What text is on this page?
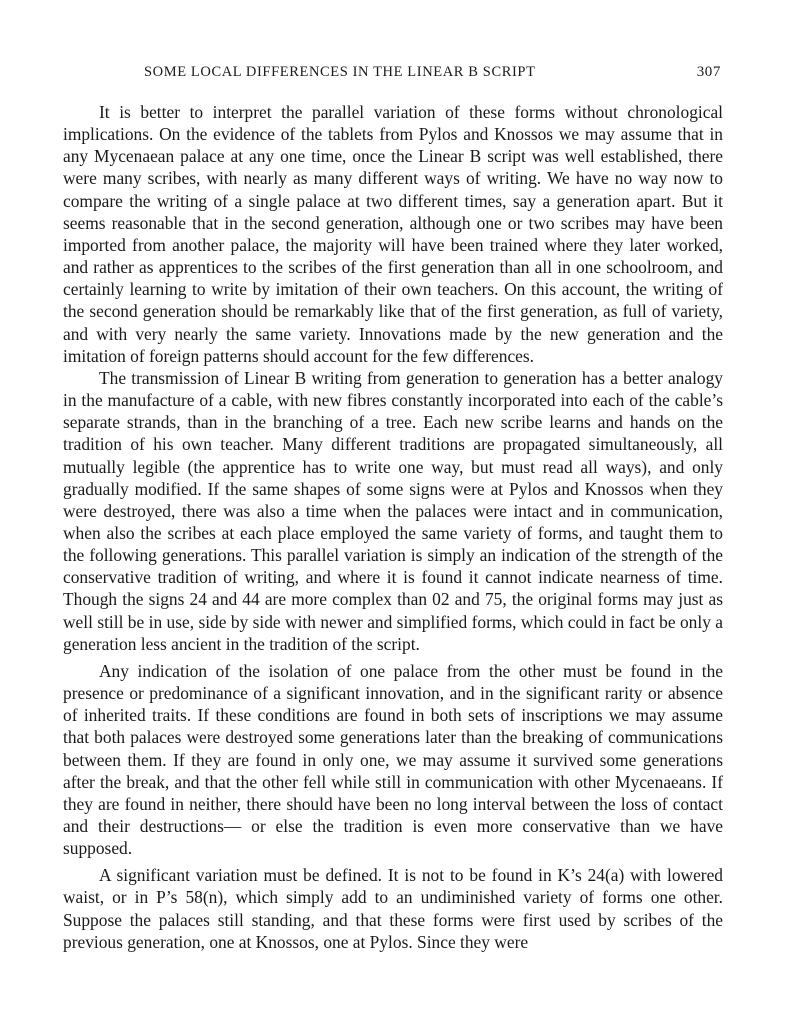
SOME LOCAL DIFFERENCES IN THE LINEAR B SCRIPT	307

It is better to interpret the parallel variation of these forms without chronological implications. On the evidence of the tablets from Pylos and Knossos we may assume that in any Mycenaean palace at any one time, once the Linear B script was well established, there were many scribes, with nearly as many different ways of writing. We have no way now to compare the writing of a single palace at two different times, say a generation apart. But it seems reasonable that in the second generation, although one or two scribes may have been imported from another palace, the majority will have been trained where they later worked, and rather as apprentices to the scribes of the first generation than all in one schoolroom, and certainly learning to write by imitation of their own teachers. On this account, the writing of the second generation should be remarkably like that of the first generation, as full of variety, and with very nearly the same variety. Innovations made by the new generation and the imitation of foreign patterns should account for the few differences.

The transmission of Linear B writing from generation to generation has a better analogy in the manufacture of a cable, with new fibres constantly incorporated into each of the cable’s separate strands, than in the branching of a tree. Each new scribe learns and hands on the tradition of his own teacher. Many different traditions are propagated simultaneously, all mutually legible (the apprentice has to write one way, but must read all ways), and only gradually modified. If the same shapes of some signs were at Pylos and Knossos when they were destroyed, there was also a time when the palaces were intact and in communication, when also the scribes at each place employed the same variety of forms, and taught them to the following generations. This parallel variation is simply an indication of the strength of the conservative tradition of writing, and where it is found it cannot indicate nearness of time. Though the signs 24 and 44 are more complex than 02 and 75, the original forms may just as well still be in use, side by side with newer and simplified forms, which could in fact be only a generation less ancient in the tradition of the script.

Any indication of the isolation of one palace from the other must be found in the presence or predominance of a significant innovation, and in the significant rarity or absence of inherited traits. If these conditions are found in both sets of inscriptions we may assume that both palaces were destroyed some generations later than the breaking of communications between them. If they are found in only one, we may assume it survived some generations after the break, and that the other fell while still in communication with other Mycenaeans. If they are found in neither, there should have been no long interval between the loss of contact and their destructions— or else the tradition is even more conservative than we have supposed.

A significant variation must be defined. It is not to be found in K’s 24(a) with lowered waist, or in P’s 58(n), which simply add to an undiminished variety of forms one other. Suppose the palaces still standing, and that these forms were first used by scribes of the previous generation, one at Knossos, one at Pylos. Since they were
